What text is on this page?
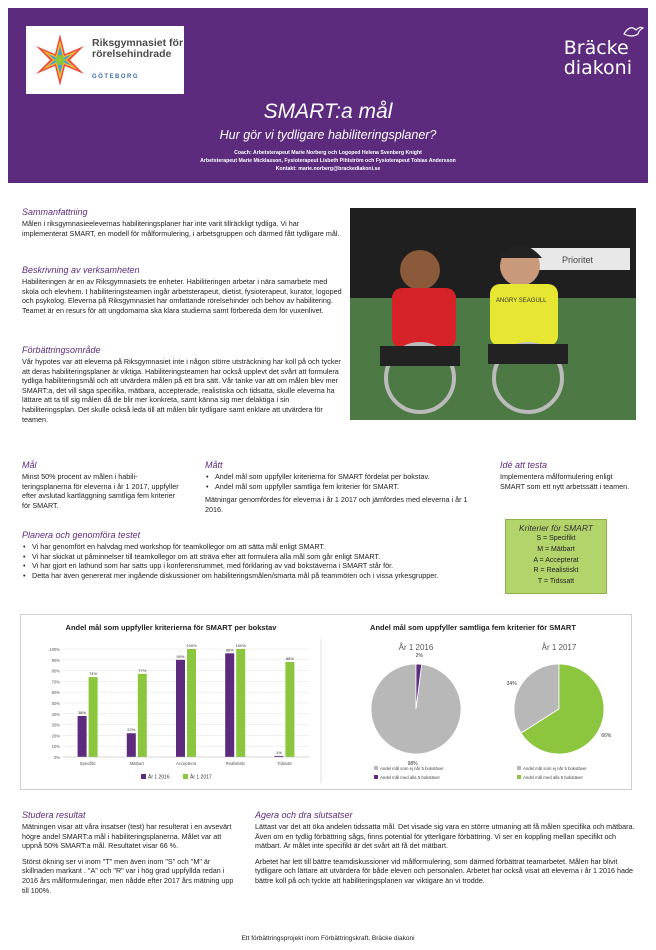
Riksgymnasiet för
rörelsehindrade
GÖTEBORG
Bräcke
diakoni
SMART:a mål
Hur gör vi tydligare habiliteringsplaner?
Coach: Arbetsterapeut Marie Norberg och Logoped Helena Svenberg Knight
Arbetsterapeut Marie Micklasson, Fysioterapeut Lisbeth Pihlström och Fysioterapeut Tobias Andersson
Kontakt: marie.norberg@brackediakoni.se
Sammanfattning

Målen i riksgymnasieelevernas habiliteringsplaner har inte varit tillräckligt tydliga. Vi har implementerat SMART, en modell för målformulering, i arbetsgruppen och därmed fått tydligare mål.

Beskrivning av verksamheten

Habiliteringen är en av Riksgymnasiets tre enheter. Habiliteringen arbetar i nära samarbete med skola och elevhem. I habiliteringsteamen ingår arbetsterapeut, dietist, fysioterapeut, kurator, logoped och psykolog. Eleverna på Riksgymnasiet har omfattande rörelsehinder och behov av habilitering. Teamet är en resurs för att ungdomarna ska klara studierna samt förbereda dem för vuxenlivet.

Förbättringsområde

Vår hypotes var att eleverna på Riksgymnasiet inte i någon större utsträckning har koll på och tycker att deras habiliteringsplaner är viktiga. Habiliteringsteamen har också upplevt det svårt att formulera tydliga habiliteringsmål och att utvärdera målen på ett bra sätt. Vår tanke var att om målen blev mer SMART:a, det vill säga specifika, mätbara, accepterade, realistiska och tidsatta, skulle eleverna ha lättare att ta till sig målen då de blir mer konkreta, samt känna sig mer delaktiga i sin habiliteringsplan. Det skulle också leda till att målen blir tydligare samt enklare att utvärdera för teamen.

Prioritet
ANGRY SEAGULL
Mål

Minst 50% procent av målen i habili-teringsplanerna för eleverna i år 1 2017, uppfyller efter avslutad kartläggning samtliga fem kriterier för SMART.

Mått
• Andel mål som uppfyller kriterierna för SMART fördelat per bokstav.
• Andel mål som uppfyller samtliga fem kriterier för SMART.

Mätningar genomfördes för eleverna i år 1 2017 och jämfördes med eleverna i år 1 2016.

Idé att testa

Implementera målformulering enligt SMART som ett nytt arbetssätt i teamen.

Kriterier för SMART
S = Specifikt
M = Mätbart
A = Accepterat
R = Realistiskt
T = Tidssatt
Planera och genomföra testet
• Vi har genomfört en halvdag med workshop för teamkollegor om att sätta mål enligt SMART.
• Vi har skickat ut påminnelser till teamkollegor om att sträva efter att formulera alla mål som går enligt SMART.
• Vi har gjort en lathund som har satts upp i konferensrummet, med förklaring av vad bokstäverna i SMART står för.
• Detta har även genererat mer ingående diskussioner om habiliteringsmålen/smarta mål på teammöten och i vissa yrkesgrupper.
Andel mål som uppfyller kriterierna för SMART per bokstav	Andel mål som uppfyller samtliga fem kriterier för SMART
0%
10%
20%
30%
40%
50%
60%
70%
80%
90%
100%
38%
74%
Specifikt
22%
77%
Mätbart
90%
100%
Accepterat
96%
100%
Realistiskt
1%
88%
Tidssatt
År 1 2016	År 1 2017
År 1 2016
98%
2%
Andel mål som ej når 5 bokstäver
Andel mål med alla 5 bokstäver
År 1 2017
34%
66%
Andel mål som ej når 5 bokstäver
Andel mål med alla 5 bokstäver
Studera resultat

Mätningen visar att våra insatser (test) har resulterat i en avsevärt högre andel SMART:a mål i habiliteringsplanerna. Målet var att uppnå 50% SMART:a mål. Resultatet visar 66 %.

Störst ökning ser vi inom "T" men även inom "S" och "M" är skillnaden markant . "A" och "R" var i hög grad uppfyllda redan i 2016 års målformuleringar, men nådde efter 2017 års mätning upp till 100%.

Agera och dra slutsatser

Lättast var det att öka andelen tidssatta mål. Det visade sig vara en större utmaning att få målen specifika och mätbara. Även om en tydlig förbättring sågs, finns potential för ytterligare förbättring. Vi ser en koppling mellan specifikt och mätbart. Är målet inte specifikt är det svårt att få det mätbart.

Arbetet har lett till bättre teamdiskussioner vid målformulering, som därmed förbättrat teamarbetet. Målen har blivit tydligare och lättare att utvärdera för både eleven och personalen. Arbetet har också visat att eleverna i år 1 2016 hade bättre koll på och tyckte att habiliteringsplanen var viktigare än vi trodde.

Ett förbättringsprojekt inom Förbättringskraft, Bräcke diakoni
